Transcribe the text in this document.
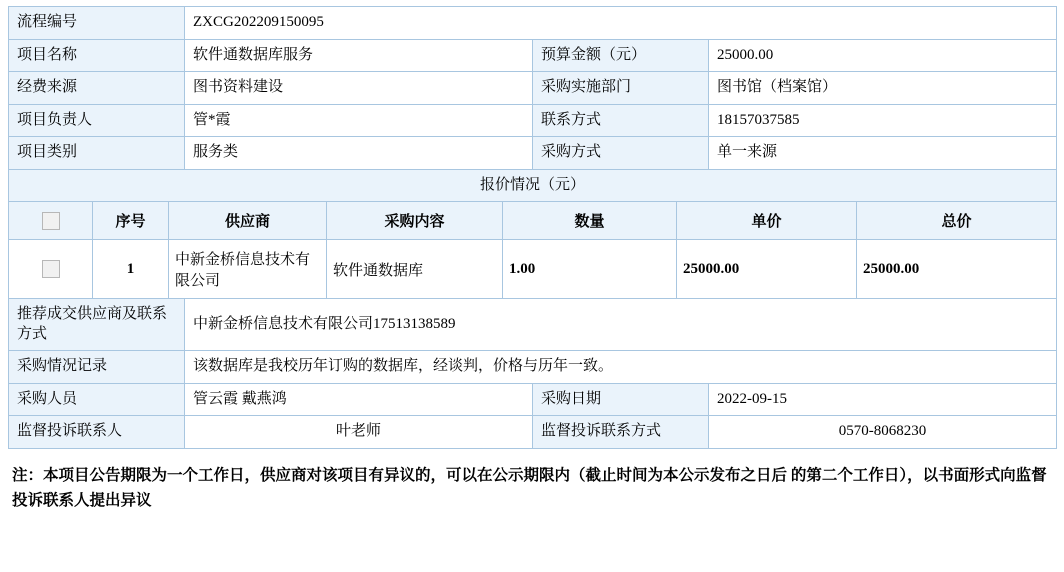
流程编号	ZXCG202209150095		
项目名称	软件通数据库服务	预算金额（元）	25000.00
经费来源	图书资料建设	采购实施部门	图书馆（档案馆）
项目负责人	管*霞	联系方式	18157037585
项目类别	服务类	采购方式	单一来源
报价情况（元）			
	序号	供应商	采购内容	数量	单价	总价
	1	中新金桥信息技术有限公司	软件通数据库	1.00	25000.00	25000.00
推荐成交供应商及联系方式	中新金桥信息技术有限公司17513138589		
采购情况记录	该数据库是我校历年订购的数据库，经谈判，价格与历年一致。		
采购人员	管云霞 戴燕鸿	采购日期	2022-09-15
监督投诉联系人	叶老师	监督投诉联系方式	0570-8068230
注：本项目公告期限为一个工作日，供应商对该项目有异议的，可以在公示期限内（截止时间为本公示发布之日后 的第二个工作日），以书面形式向监督投诉联系人提出异议
